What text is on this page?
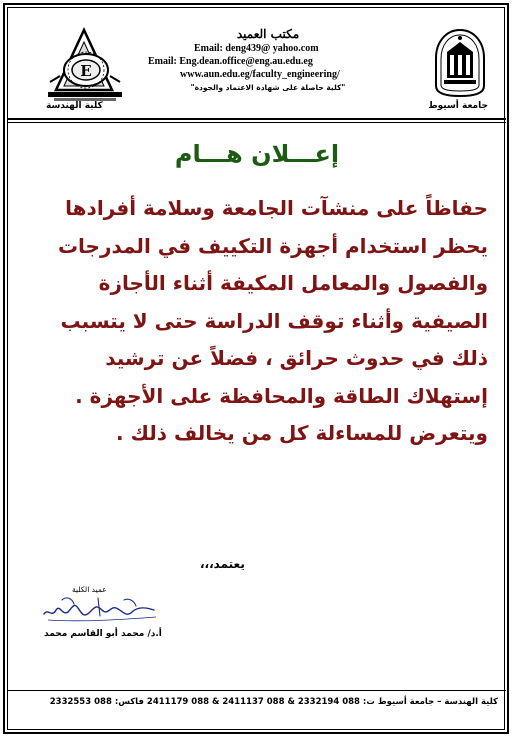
جامعة أسيوط
E
كلية الهندسة
مكتب العميد
Email: deng439@ yahoo.com
Email: Eng.dean.office@eng.au.edu.eg
www.aun.edu.eg/faculty_engineering/
"كلية حاصلة على شهادة الاعتماد والجودة"
إعـــلان هـــام
حفاظاً على منشآت الجامعة وسلامة أفرادها
يحظر استخدام أجهزة التكييف في المدرجات
والفصول والمعامل المكيفة أثناء الأجازة
الصيفية وأثناء توقف الدراسة حتى لا يتسبب
ذلك في حدوث حرائق ، فضلاً عن ترشيد
إستهلاك الطاقة والمحافظة على الأجهزة .
ويتعرض للمساءلة كل من يخالف ذلك .
يعتمد،،،
عميد الكلية
أ.د/ محمد أبو القاسم محمد
كلية الهندسة – جامعة أسيوط ت: 088 2332194 & 088 2411137 & 088 2411179 فاكس: 088 2332553
